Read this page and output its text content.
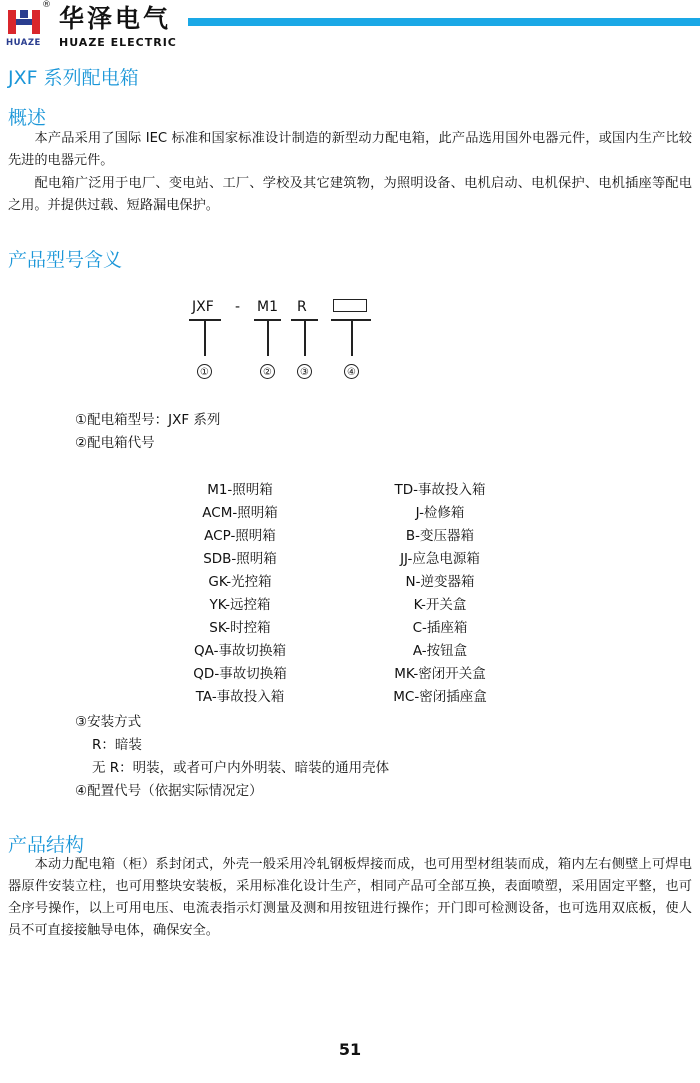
®
HUAZE
华泽电气
HUAZE ELECTRIC
JXF 系列配电箱
概述

  本产品采用了国际 IEC 标准和国家标准设计制造的新型动力配电箱，此产品选用国外电器元件，或国内生产比较先进的电器元件。

  配电箱广泛用于电厂、变电站、工厂、学校及其它建筑物，为照明设备、电机启动、电机保护、电机插座等配电之用。并提供过载、短路漏电保护。

产品型号含义
JXF - M1 R
①	②	③	④
①配电箱型号：JXF 系列
②配电箱代号
M1-照明箱
ACM-照明箱
ACP-照明箱
SDB-照明箱
GK-光控箱
YK-远控箱
SK-时控箱
QA-事故切换箱
QD-事故切换箱
TA-事故投入箱
TD-事故投入箱
J-检修箱
B-变压器箱
JJ-应急电源箱
N-逆变器箱
K-开关盒
C-插座箱
A-按钮盒
MK-密闭开关盒
MC-密闭插座盒
③安装方式
R：暗装
无 R：明装，或者可户内外明装、暗装的通用壳体
④配置代号（依据实际情况定）
产品结构

  本动力配电箱（柜）系封闭式，外壳一般采用冷轧钢板焊接而成，也可用型材组装而成，箱内左右侧壁上可焊电器原件安装立柱，也可用整块安装板，采用标准化设计生产，相同产品可全部互换，表面喷塑，采用固定平整，也可全序号操作，以上可用电压、电流表指示灯测量及测和用按钮进行操作；开门即可检测设备，也可选用双底板，使人员不可直接接触导电体，确保安全。

51
